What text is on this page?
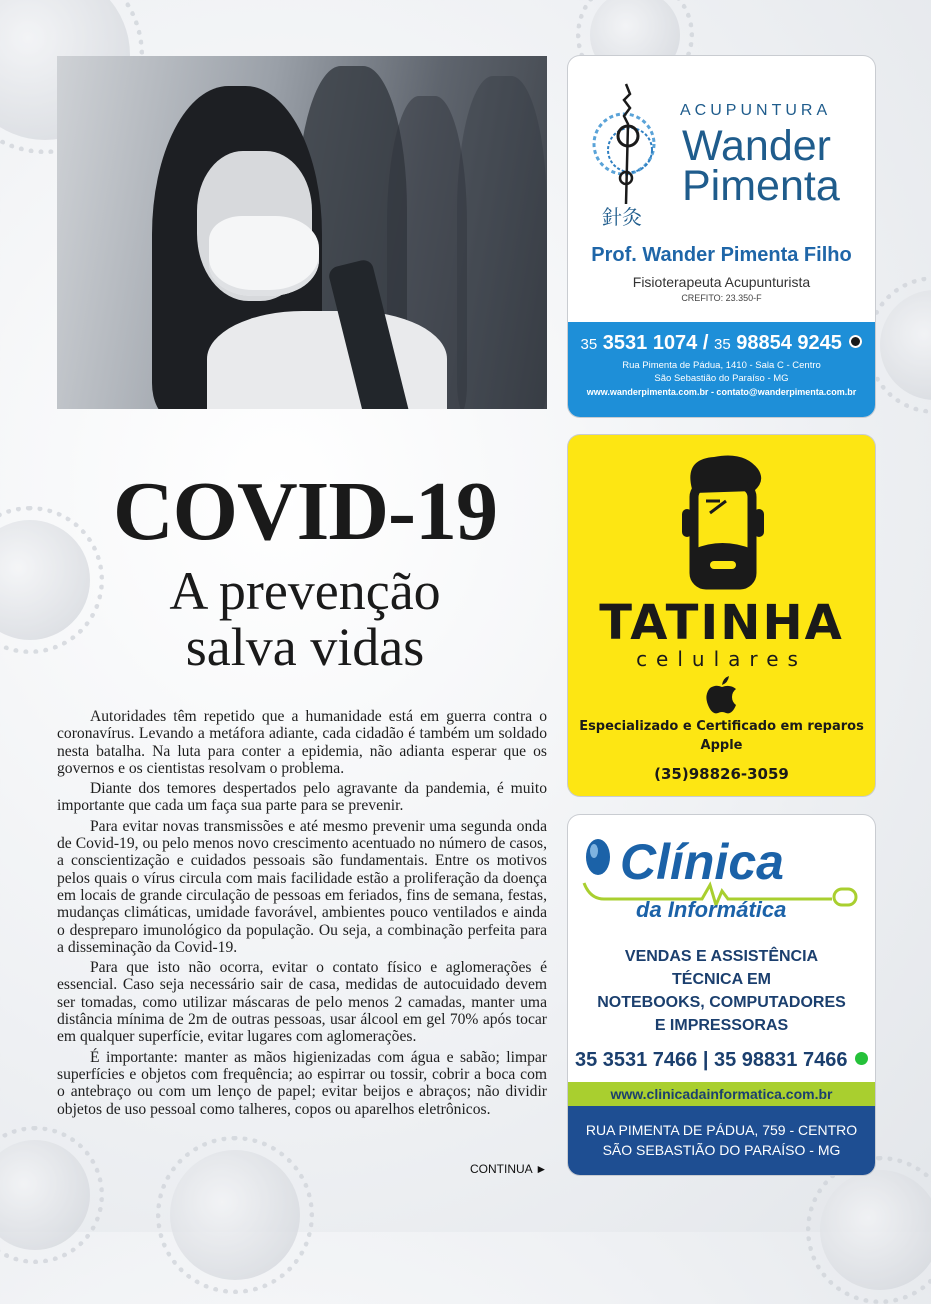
COVID-19
A prevenção
salva vidas

Autoridades têm repetido que a humanidade está em guerra contra o coronavírus. Levando a metáfora adiante, cada cidadão é também um soldado nesta batalha. Na luta para conter a epidemia, não adianta esperar que os governos e os cientistas resolvam o problema.

Diante dos temores despertados pelo agravante da pandemia, é muito importante que cada um faça sua parte para se prevenir.

Para evitar novas transmissões e até mesmo prevenir uma segunda onda de Covid-19, ou pelo menos novo crescimento acentuado no número de casos, a conscientização e cuidados pessoais são fundamentais. Entre os motivos pelos quais o vírus circula com mais facilidade estão a proliferação da doença em locais de grande circulação de pessoas em feriados, fins de semana, festas, mudanças climáticas, umidade favorável, ambientes pouco ventilados e ainda o despreparo imunológico da população. Ou seja, a combinação perfeita para a disseminação da Covid-19.

Para que isto não ocorra, evitar o contato físico e aglomerações é essencial. Caso seja necessário sair de casa, medidas de autocuidado devem ser tomadas, como utilizar máscaras de pelo menos 2 camadas, manter uma distância mínima de 2m de outras pessoas, usar álcool em gel 70% após tocar em qualquer superfície, evitar lugares com aglomerações.

É importante: manter as mãos higienizadas com água e sabão; limpar superfícies e objetos com frequência; ao espirrar ou tossir, cobrir a boca com o antebraço ou com um lenço de papel; evitar beijos e abraços; não dividir objetos de uso pessoal como talheres, copos ou aparelhos eletrônicos.

CONTINUA ►
針灸
ACUPUNTURA
Wander
Pimenta
Prof. Wander Pimenta Filho
Fisioterapeuta Acupunturista
CREFITO: 23.350-F
35 3531 1074 / 35 98854 9245
Rua Pimenta de Pádua, 1410 - Sala C - Centro
São Sebastião do Paraíso - MG
www.wanderpimenta.com.br - contato@wanderpimenta.com.br
TATINHA
celulares
Especializado e Certificado em reparos
Apple
(35)98826-3059
Clínica
da Informática
VENDAS E ASSISTÊNCIA
TÉCNICA EM
NOTEBOOKS, COMPUTADORES
E IMPRESSORAS
35 3531 7466 | 35 98831 7466
www.clinicadainformatica.com.br
RUA PIMENTA DE PÁDUA, 759 - CENTRO
SÃO SEBASTIÃO DO PARAÍSO - MG
